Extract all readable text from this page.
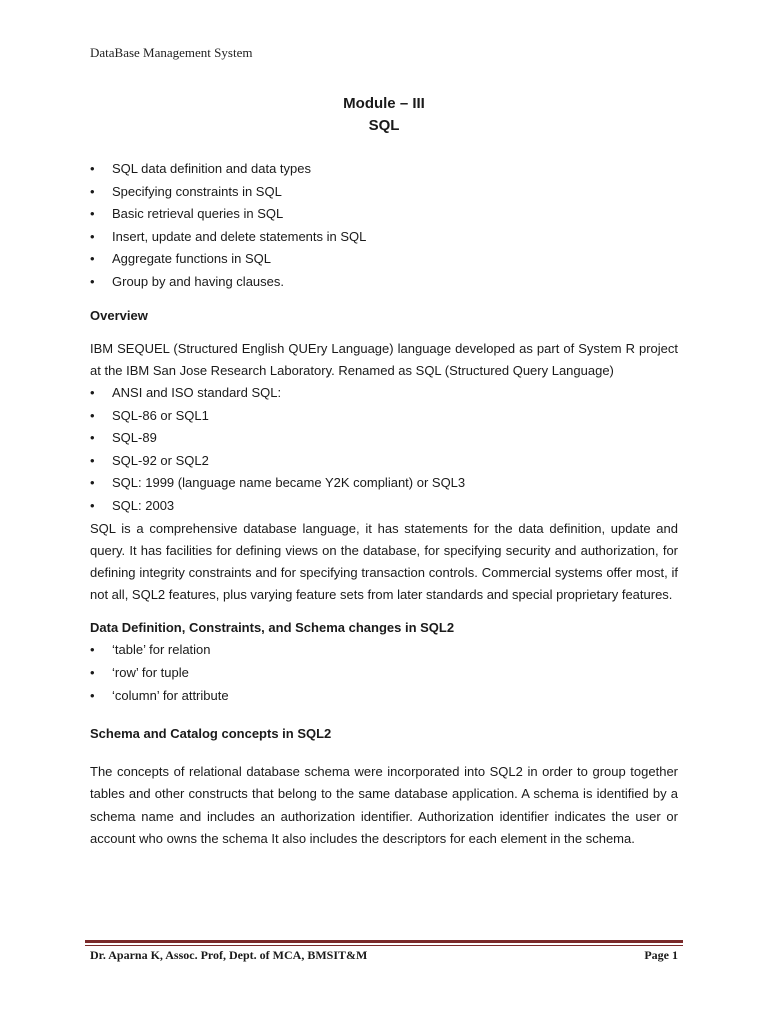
DataBase Management System
Module – III
SQL
• SQL data definition and data types
• Specifying constraints in SQL
• Basic retrieval queries in SQL
• Insert, update and delete statements in SQL
• Aggregate functions in SQL
• Group by and having clauses.
Overview

IBM SEQUEL (Structured English QUEry Language) language developed as part of System R project at the IBM San Jose Research Laboratory. Renamed as SQL (Structured Query Language)

• ANSI and ISO standard SQL:
• SQL-86 or SQL1
• SQL-89
• SQL-92 or SQL2
• SQL: 1999 (language name became Y2K compliant) or SQL3
• SQL: 2003

SQL is a comprehensive database language, it has statements for the data definition, update and query. It has facilities for defining views on the database, for specifying security and authorization, for defining integrity constraints and for specifying transaction controls. Commercial systems offer most, if not all, SQL2 features, plus varying feature sets from later standards and special proprietary features.

Data Definition, Constraints, and Schema changes in SQL2
• ‘table’ for relation
• ‘row’ for tuple
• ‘column’ for attribute
Schema and Catalog concepts in SQL2

The concepts of relational database schema were incorporated into SQL2 in order to group together tables and other constructs that belong to the same database application. A schema is identified by a schema name and includes an authorization identifier. Authorization identifier indicates the user or account who owns the schema It also includes the descriptors for each element in the schema.

Dr. Aparna K, Assoc. Prof, Dept. of MCA, BMSIT&M	Page 1
